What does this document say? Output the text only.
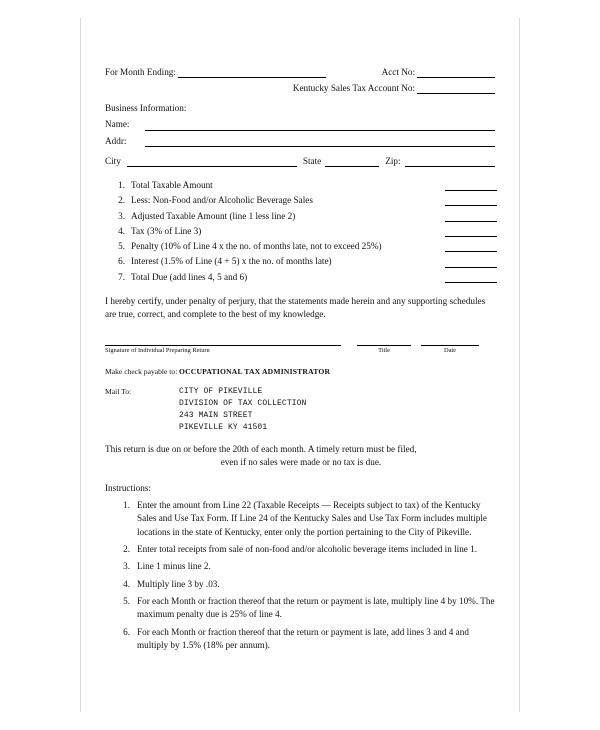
For Month Ending:	Acct No:
Kentucky Sales Tax Account No:
Business Information:
Name:
Addr:
City	State	Zip:
1. Total Taxable Amount
2. Less: Non-Food and/or Alcoholic Beverage Sales
3. Adjusted Taxable Amount (line 1 less line 2)
4. Tax (3% of Line 3)
5. Penalty (10% of Line 4 x the no. of months late, not to exceed 25%)
6. Interest (1.5% of Line (4 + 5) x the no. of months late)
7. Total Due (add lines 4, 5 and 6)
I hereby certify, under penalty of perjury, that the statements made herein and any supporting schedules are true, correct, and complete to the best of my knowledge.
Signature of Individual Preparing Return	Title	Date
Make check payable to: OCCUPATIONAL TAX ADMINISTRATOR
Mail To:	CITY OF PIKEVILLE
DIVISION OF TAX COLLECTION
243 MAIN STREET
PIKEVILLE KY 41501
This return is due on or before the 20th of each month. A timely return must be filed,
even if no sales were made or no tax is due.
Instructions:
1. Enter the amount from Line 22 (Taxable Receipts — Receipts subject to tax) of the Kentucky Sales and Use Tax Form. If Line 24 of the Kentucky Sales and Use Tax Form includes multiple locations in the state of Kentucky, enter only the portion pertaining to the City of Pikeville.
2. Enter total receipts from sale of non-food and/or alcoholic beverage items included in line 1.
3. Line 1 minus line 2.
4. Multiply line 3 by .03.
5. For each Month or fraction thereof that the return or payment is late, multiply line 4 by 10%. The maximum penalty due is 25% of line 4.
6. For each Month or fraction thereof that the return or payment is late, add lines 3 and 4 and multiply by 1.5% (18% per annum).
